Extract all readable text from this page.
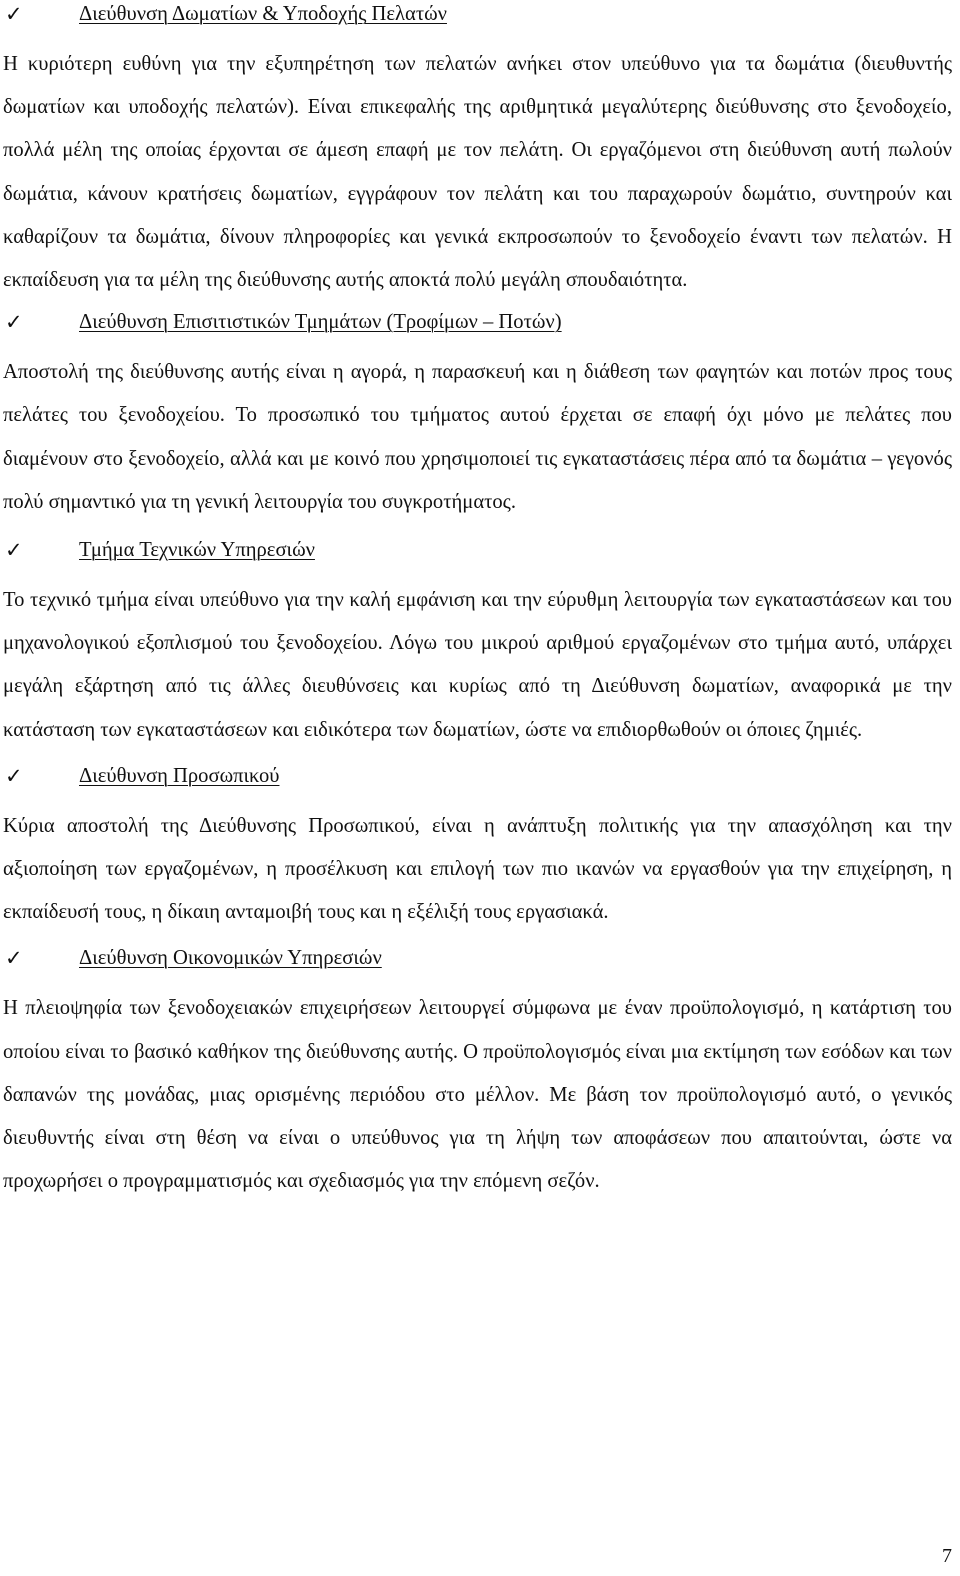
✓	Διεύθυνση Δωματίων & Υποδοχής Πελατών

Η κυριότερη ευθύνη για την εξυπηρέτηση των πελατών ανήκει στον υπεύθυνο για τα δωμάτια (διευθυντής δωματίων και υποδοχής πελατών). Είναι επικεφαλής της αριθμητικά μεγαλύτερης διεύθυνσης στο ξενοδοχείο, πολλά μέλη της οποίας έρχονται σε άμεση επαφή με τον πελάτη. Οι εργαζόμενοι στη διεύθυνση αυτή πωλούν δωμάτια, κάνουν κρατήσεις δωματίων, εγγράφουν τον πελάτη και του παραχωρούν δωμάτιο, συντηρούν και καθαρίζουν τα δωμάτια, δίνουν πληροφορίες και γενικά εκπροσωπούν το ξενοδοχείο έναντι των πελατών. Η εκπαίδευση για τα μέλη της διεύθυνσης αυτής αποκτά πολύ μεγάλη σπουδαιότητα.

✓	Διεύθυνση Επισιτιστικών Τμημάτων (Τροφίμων – Ποτών)

Αποστολή της διεύθυνσης αυτής είναι η αγορά, η παρασκευή και η διάθεση των φαγητών και ποτών προς τους πελάτες του ξενοδοχείου. Το προσωπικό του τμήματος αυτού έρχεται σε επαφή όχι μόνο με πελάτες που διαμένουν στο ξενοδοχείο, αλλά και με κοινό που χρησιμοποιεί τις εγκαταστάσεις πέρα από τα δωμάτια – γεγονός πολύ σημαντικό για τη γενική λειτουργία του συγκροτήματος.

✓	Τμήμα Τεχνικών Υπηρεσιών

Το τεχνικό τμήμα είναι υπεύθυνο για την καλή εμφάνιση και την εύρυθμη λειτουργία των εγκαταστάσεων και του μηχανολογικού εξοπλισμού του ξενοδοχείου. Λόγω του μικρού αριθμού εργαζομένων στο τμήμα αυτό, υπάρχει μεγάλη εξάρτηση από τις άλλες διευθύνσεις και κυρίως από τη Διεύθυνση δωματίων, αναφορικά με την κατάσταση των εγκαταστάσεων και ειδικότερα των δωματίων, ώστε να επιδιορθωθούν οι όποιες ζημιές.

✓	Διεύθυνση Προσωπικού

Κύρια αποστολή της Διεύθυνσης Προσωπικού, είναι η ανάπτυξη πολιτικής για την απασχόληση και την αξιοποίηση των εργαζομένων, η προσέλκυση και επιλογή των πιο ικανών να εργασθούν για την επιχείρηση, η εκπαίδευσή τους, η δίκαιη ανταμοιβή τους και η εξέλιξή τους εργασιακά.

✓	Διεύθυνση Οικονομικών Υπηρεσιών

Η πλειοψηφία των ξενοδοχειακών επιχειρήσεων λειτουργεί σύμφωνα με έναν προϋπολογισμό, η κατάρτιση του οποίου είναι το βασικό καθήκον της διεύθυνσης αυτής. Ο προϋπολογισμός είναι μια εκτίμηση των εσόδων και των δαπανών της μονάδας, μιας ορισμένης περιόδου στο μέλλον. Με βάση τον προϋπολογισμό αυτό, ο γενικός διευθυντής είναι στη θέση να είναι ο υπεύθυνος για τη λήψη των αποφάσεων που απαιτούνται, ώστε να προχωρήσει ο προγραμματισμός και σχεδιασμός για την επόμενη σεζόν.

7
